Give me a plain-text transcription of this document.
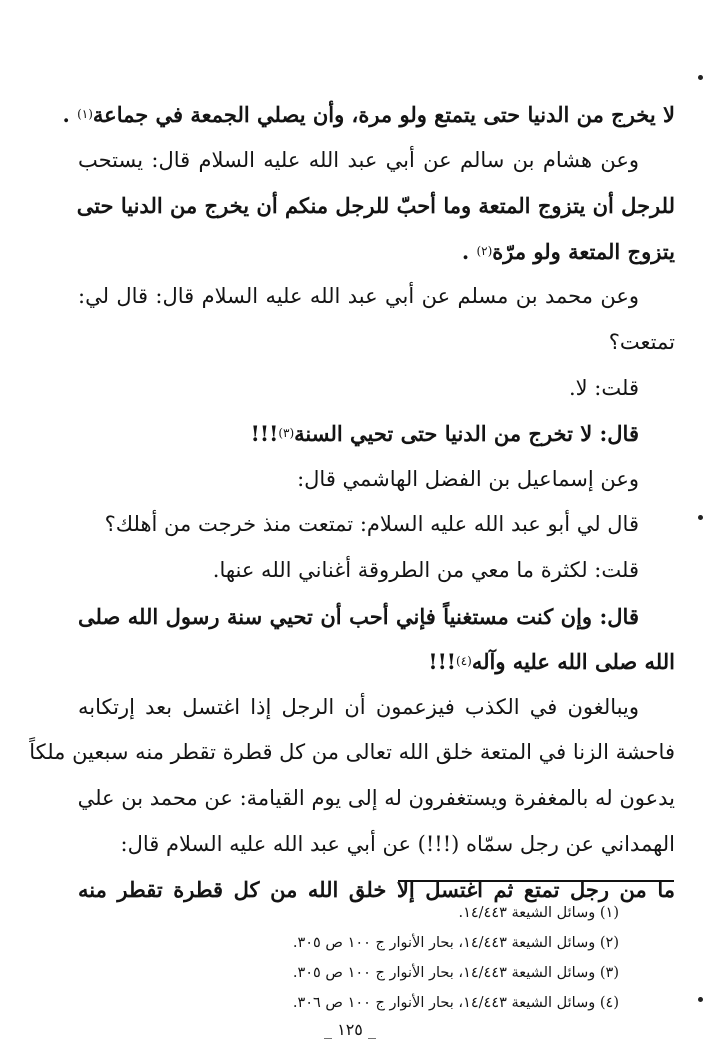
لا يخرج من الدنيا حتى يتمتع ولو مرة، وأن يصلي الجمعة في جماعة$^{(١)}$ .
وعن هشام بن سالم عن أبي عبد الله عليه السلام قال: يستحب
للرجل أن يتزوج المتعة وما أحبّ للرجل منكم أن يخرج من الدنيا حتى
يتزوج المتعة ولو مرّة$^{(٢)}$ .
وعن محمد بن مسلم عن أبي عبد الله عليه السلام قال: قال لي:
تمتعت؟
قلت: لا.
قال: لا تخرج من الدنيا حتى تحيي السنة$^{(٣)}$!!!
وعن إسماعيل بن الفضل الهاشمي قال:
قال لي أبو عبد الله عليه السلام: تمتعت منذ خرجت من أهلك؟
قلت: لكثرة ما معي من الطروقة أغناني الله عنها.
قال: وإن كنت مستغنياً فإني أحب أن تحيي سنة رسول الله صلى
الله صلى الله عليه وآله$^{(٤)}$!!!
ويبالغون في الكذب فيزعمون أن الرجل إذا اغتسل بعد إرتكابه
فاحشة الزنا في المتعة خلق الله تعالى من كل قطرة تقطر منه سبعين ملكاً
يدعون له بالمغفرة ويستغفرون له إلى يوم القيامة: عن محمد بن علي
الهمداني عن رجل سمّاه (!!!) عن أبي عبد الله عليه السلام قال:
ما من رجل تمتع ثم اغتسل إلا خلق الله من كل قطرة تقطر منه
(١) وسائل الشيعة ١٤/٤٤٣.
(٢) وسائل الشيعة ١٤/٤٤٣، بحار الأنوار ج ١٠٠ ص ٣٠٥.
(٣) وسائل الشيعة ١٤/٤٤٣، بحار الأنوار ج ١٠٠ ص ٣٠٥.
(٤) وسائل الشيعة ١٤/٤٤٣، بحار الأنوار ج ١٠٠ ص ٣٠٦.
_ ١٢٥ _
